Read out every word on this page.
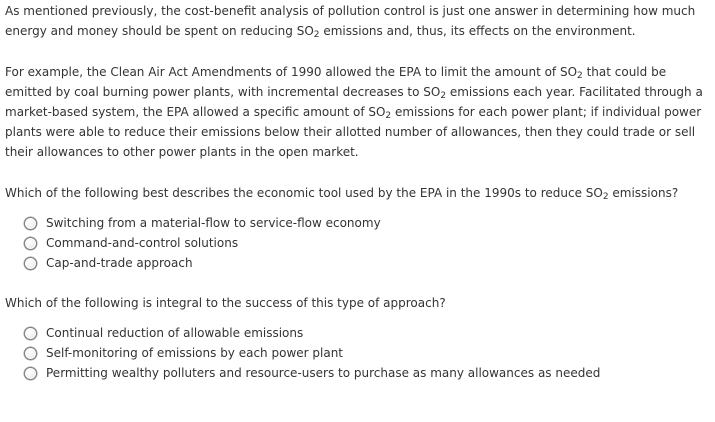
As mentioned previously, the cost-benefit analysis of pollution control is just one answer in determining how much
energy and money should be spent on reducing $SO_2$ emissions and, thus, its effects on the environment.

For example, the Clean Air Act Amendments of 1990 allowed the EPA to limit the amount of $SO_2$ that could be
emitted by coal burning power plants, with incremental decreases to $SO_2$ emissions each year. Facilitated through a
market-based system, the EPA allowed a specific amount of $SO_2$ emissions for each power plant; if individual power
plants were able to reduce their emissions below their allotted number of allowances, then they could trade or sell
their allowances to other power plants in the open market.

Which of the following best describes the economic tool used by the EPA in the 1990s to reduce $SO_2$ emissions?

Switching from a material-flow to service-flow economy
Command-and-control solutions
Cap-and-trade approach

Which of the following is integral to the success of this type of approach?

Continual reduction of allowable emissions
Self-monitoring of emissions by each power plant
Permitting wealthy polluters and resource-users to purchase as many allowances as needed
